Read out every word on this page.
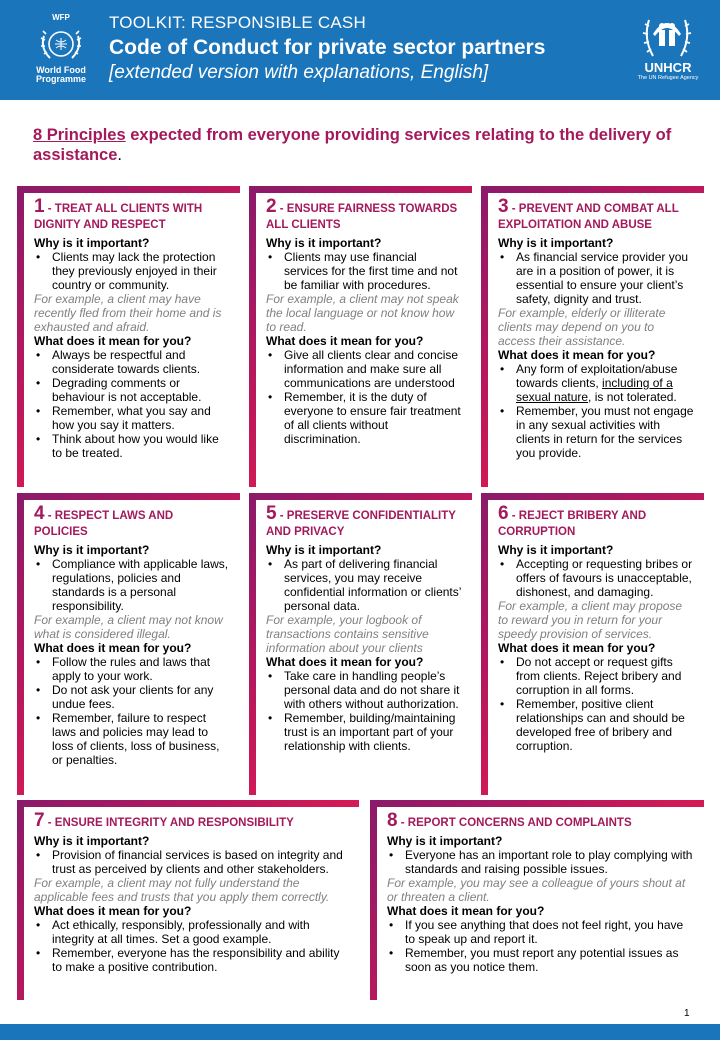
WFP
World Food
Programme
TOOLKIT: RESPONSIBLE CASH
Code of Conduct for private sector partners
[extended version with explanations, English]	UNHCR
The UN Refugee Agency
8 Principles expected from everyone providing services relating to the delivery of assistance.
1 - TREAT ALL CLIENTS WITH DIGNITY AND RESPECT
Why is it important?
• Clients may lack the protection they previously enjoyed in their country or community.
For example, a client may have recently fled from their home and is exhausted and afraid.
What does it mean for you?
• Always be respectful and considerate towards clients.
• Degrading comments or behaviour is not acceptable.
• Remember, what you say and how you say it matters.
• Think about how you would like to be treated.
2 - ENSURE FAIRNESS TOWARDS ALL CLIENTS
Why is it important?
• Clients may use financial services for the first time and not be familiar with procedures.
For example, a client may not speak the local language or not know how to read.
What does it mean for you?
• Give all clients clear and concise information and make sure all communications are understood
• Remember, it is the duty of everyone to ensure fair treatment of all clients without discrimination.
3 - PREVENT AND COMBAT ALL EXPLOITATION AND ABUSE
Why is it important?
• As financial service provider you are in a position of power, it is essential to ensure your client’s safety, dignity and trust.
For example, elderly or illiterate clients may depend on you to access their assistance.
What does it mean for you?
• Any form of exploitation/abuse towards clients, including of a sexual nature, is not tolerated.
• Remember, you must not engage in any sexual activities with clients in return for the services you provide.
4 - RESPECT LAWS AND POLICIES
Why is it important?
• Compliance with applicable laws, regulations, policies and standards is a personal responsibility.
For example, a client may not know what is considered illegal.
What does it mean for you?
• Follow the rules and laws that apply to your work.
• Do not ask your clients for any undue fees.
• Remember, failure to respect laws and policies may lead to loss of clients, loss of business, or penalties.
5 - PRESERVE CONFIDENTIALITY AND PRIVACY
Why is it important?
• As part of delivering financial services, you may receive confidential information or clients’ personal data.
For example, your logbook of transactions contains sensitive information about your clients
What does it mean for you?
• Take care in handling people’s personal data and do not share it with others without authorization.
• Remember, building/maintaining trust is an important part of your relationship with clients.
6 - REJECT BRIBERY AND CORRUPTION
Why is it important?
• Accepting or requesting bribes or offers of favours is unacceptable, dishonest, and damaging.
For example, a client may propose to reward you in return for your speedy provision of services.
What does it mean for you?
• Do not accept or request gifts from clients. Reject bribery and corruption in all forms.
• Remember, positive client relationships can and should be developed free of bribery and corruption.
7 - ENSURE INTEGRITY AND RESPONSIBILITY
Why is it important?
• Provision of financial services is based on integrity and trust as perceived by clients and other stakeholders.
For example, a client may not fully understand the applicable fees and trusts that you apply them correctly.
What does it mean for you?
• Act ethically, responsibly, professionally and with integrity at all times. Set a good example.
• Remember, everyone has the responsibility and ability to make a positive contribution.
8 - REPORT CONCERNS AND COMPLAINTS
Why is it important?
• Everyone has an important role to play complying with standards and raising possible issues.
For example, you may see a colleague of yours shout at or threaten a client.
What does it mean for you?
• If you see anything that does not feel right, you have to speak up and report it.
• Remember, you must report any potential issues as soon as you notice them.
1
